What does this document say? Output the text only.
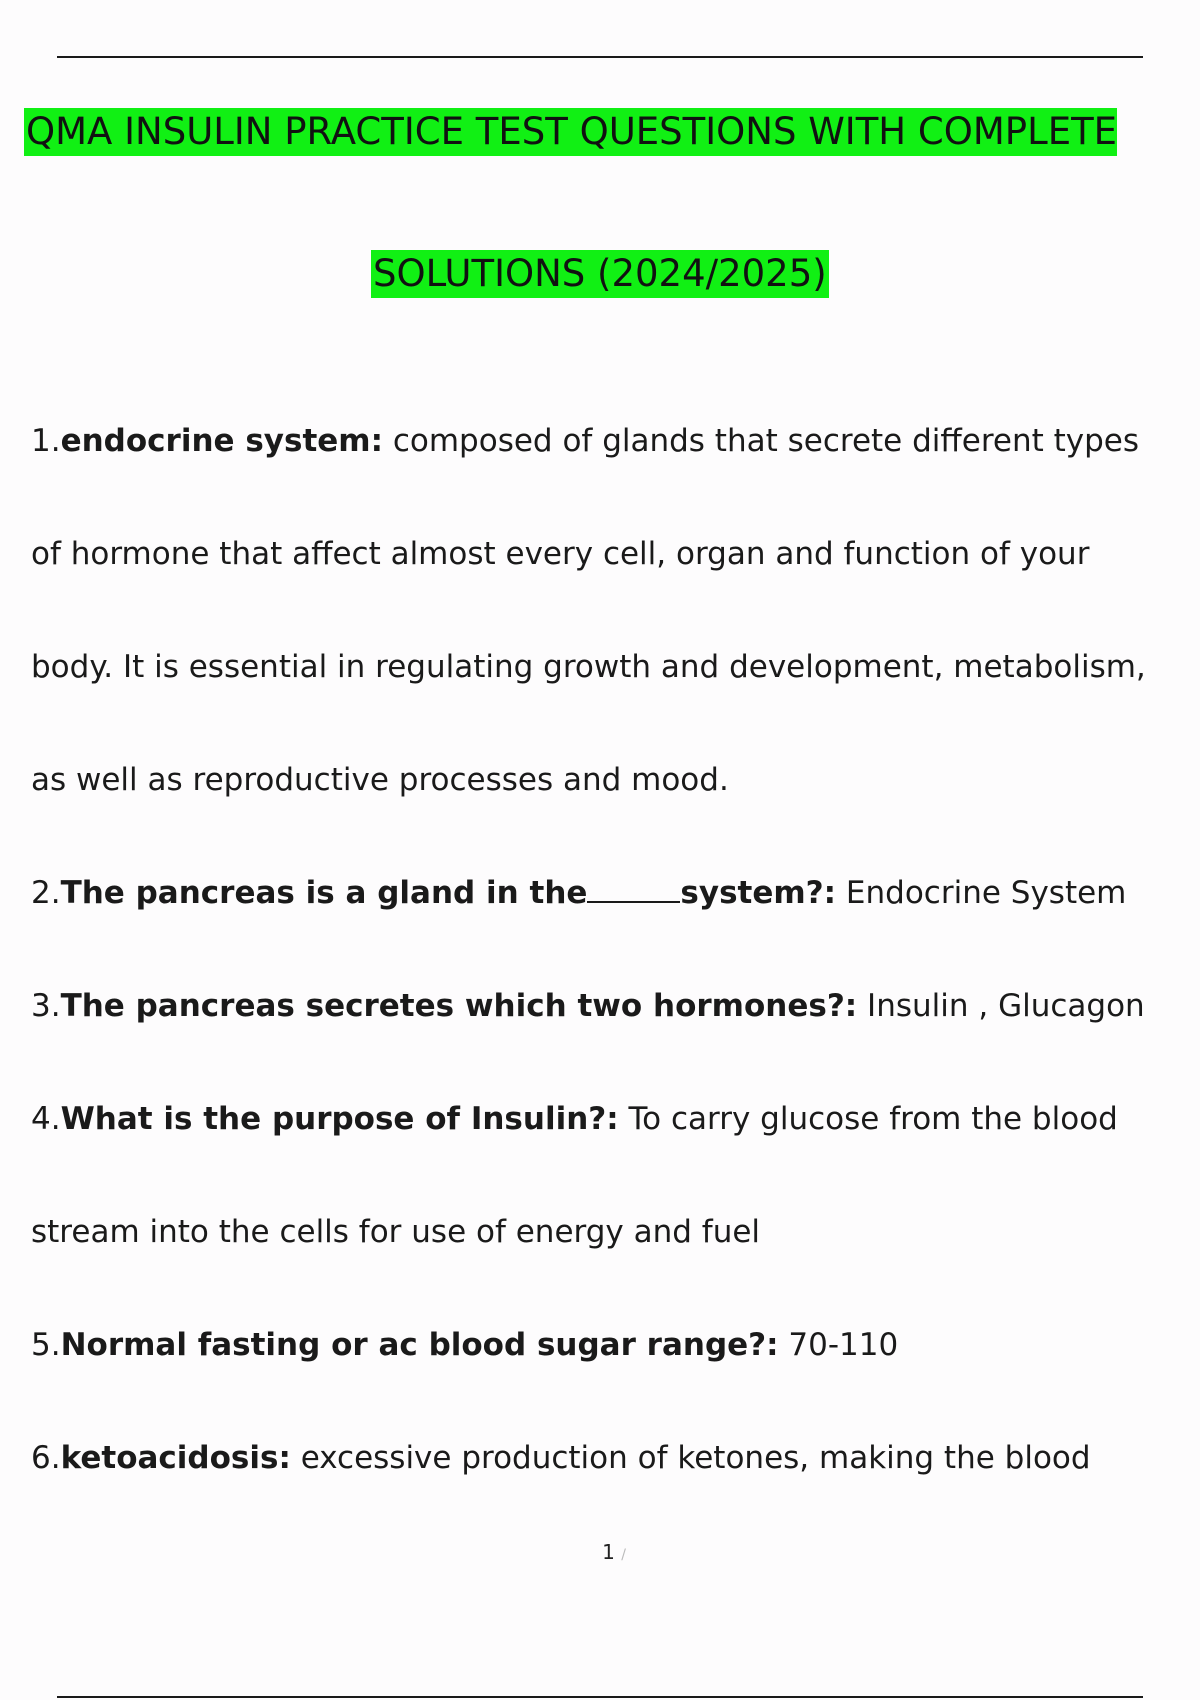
QMA INSULIN PRACTICE TEST QUESTIONS WITH COMPLETE
SOLUTIONS (2024/2025)
1.endocrine system: composed of glands that secrete different types
of hormone that affect almost every cell, organ and function of your
body. It is essential in regulating growth and development, metabolism,
as well as reproductive processes and mood.
2.The pancreas is a gland in the	system?: Endocrine System
3.The pancreas secretes which two hormones?: Insulin , Glucagon
4.What is the purpose of Insulin?: To carry glucose from the blood
stream into the cells for use of energy and fuel
5.Normal fasting or ac blood sugar range?: 70-110
6.ketoacidosis: excessive production of ketones, making the blood
1 /
